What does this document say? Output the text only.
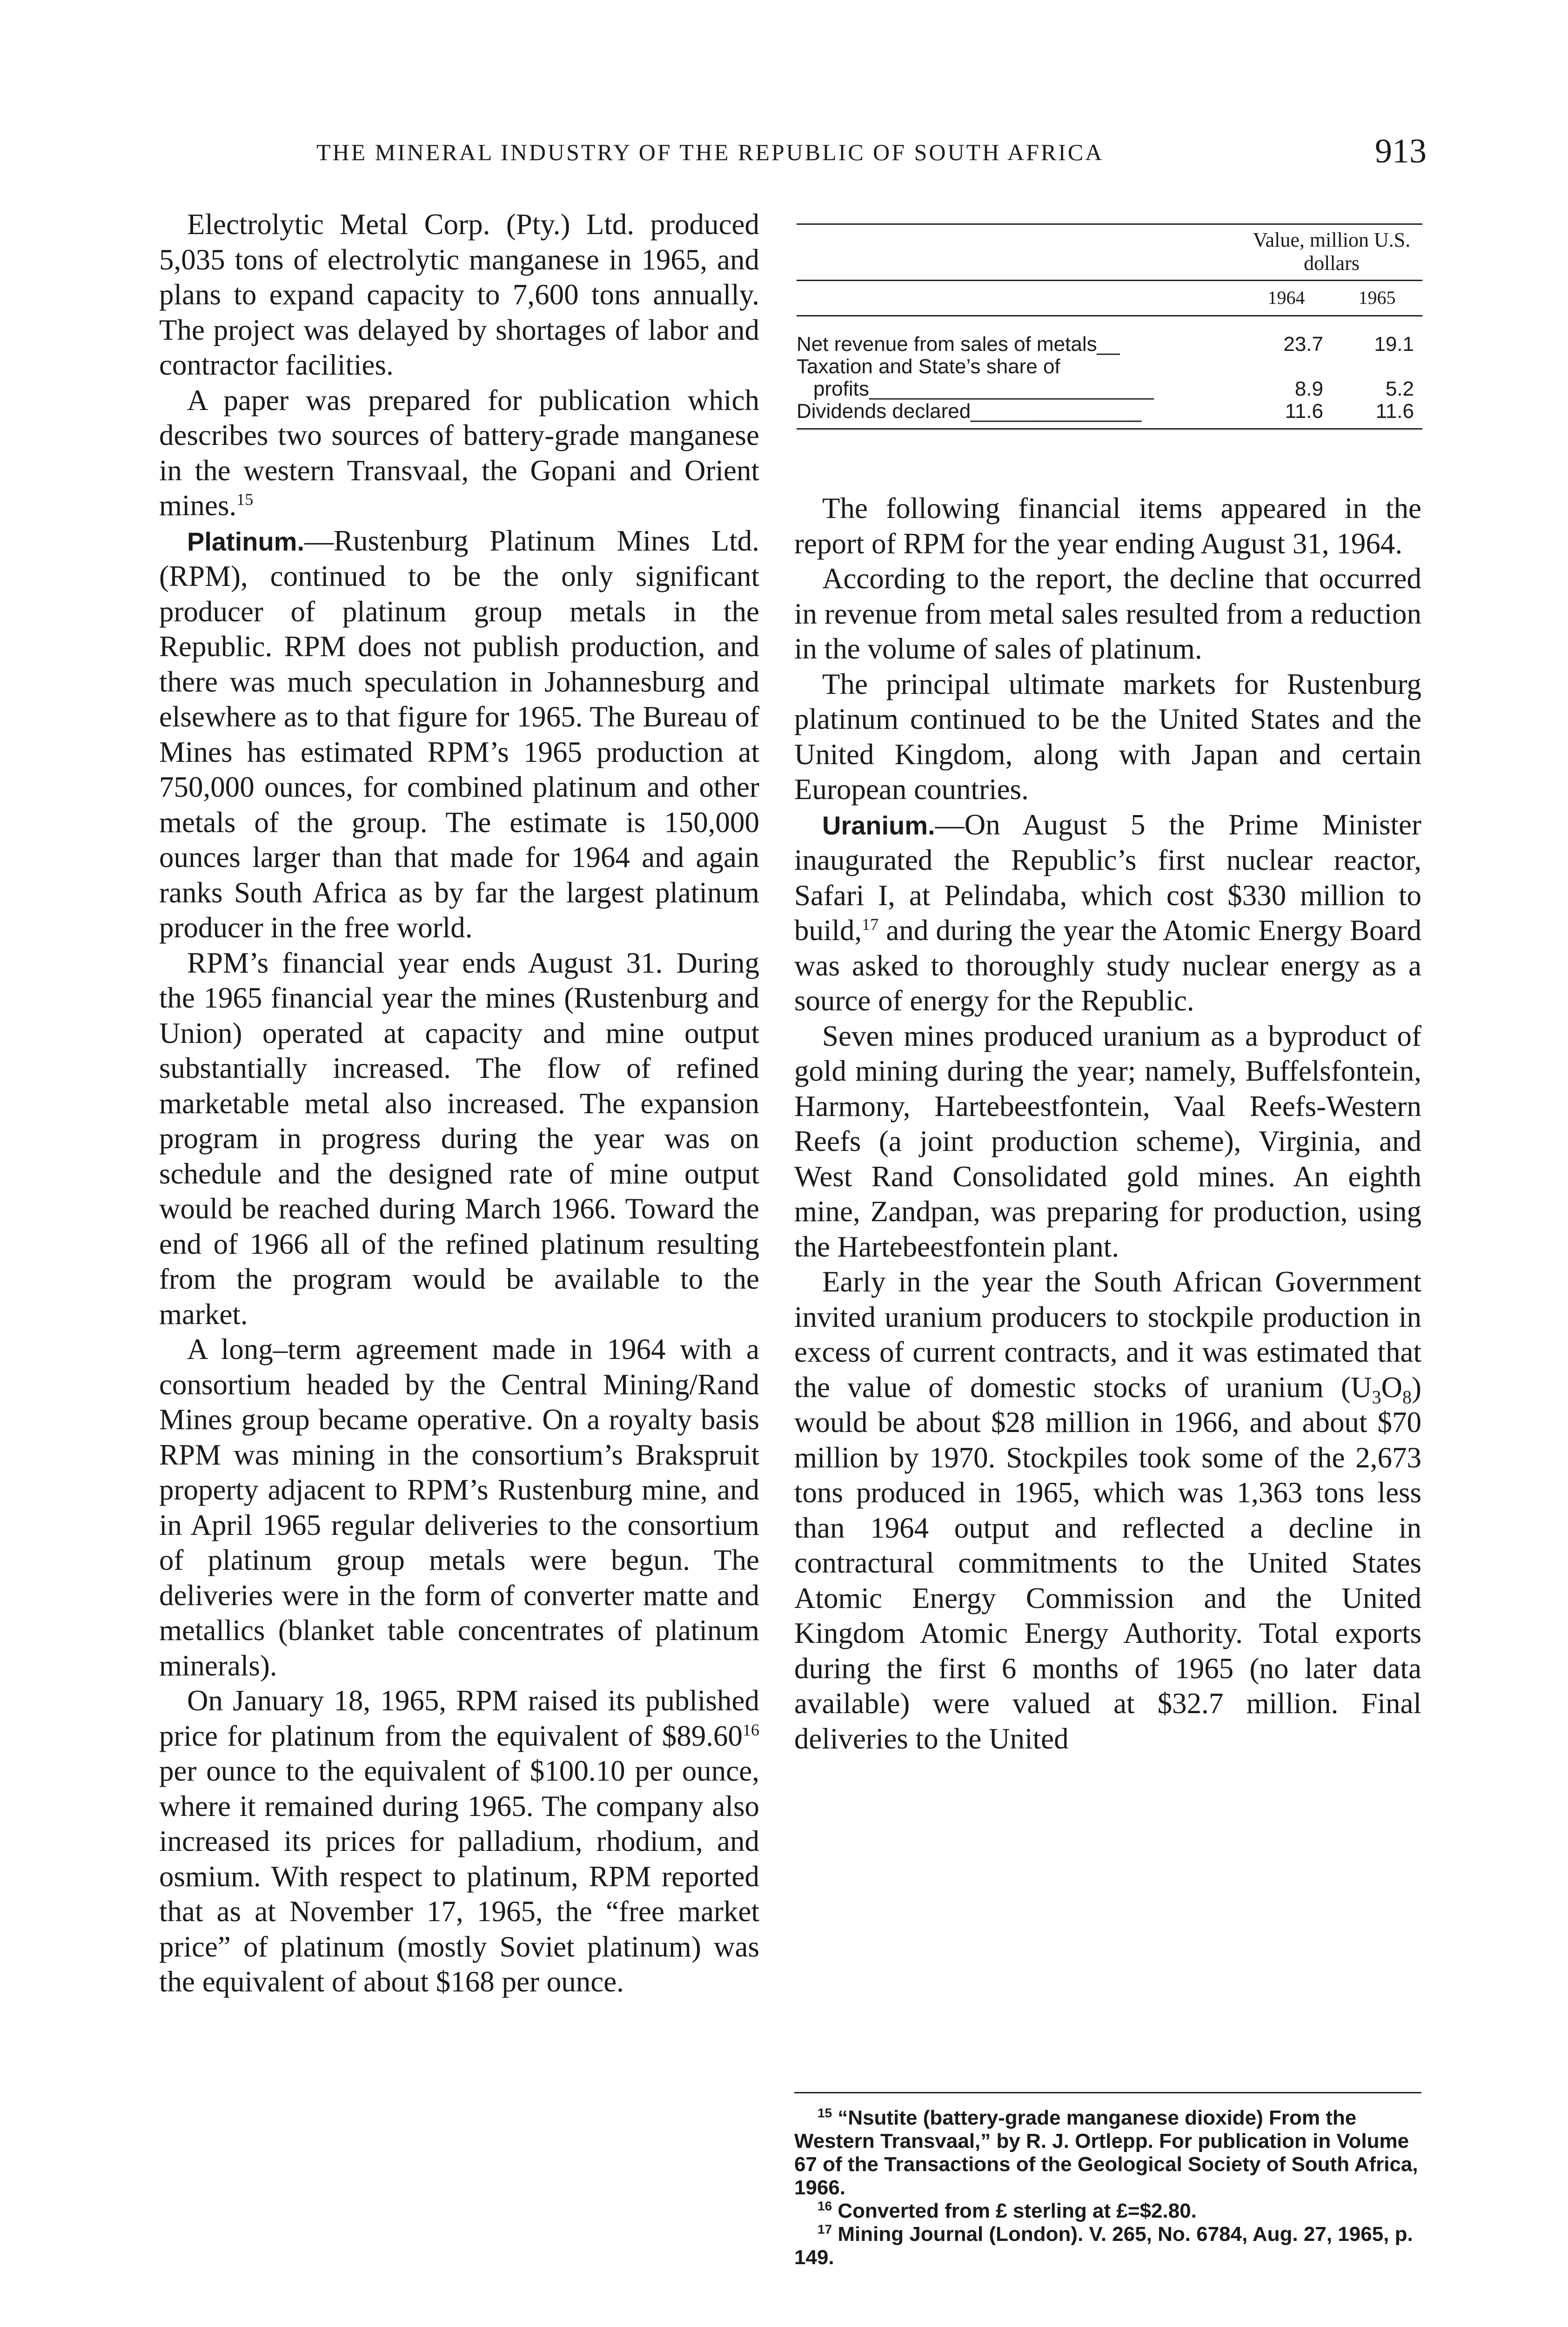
THE MINERAL INDUSTRY OF THE REPUBLIC OF SOUTH AFRICA	913

Electrolytic Metal Corp. (Pty.) Ltd. produced 5,035 tons of electrolytic manganese in 1965, and plans to expand capacity to 7,600 tons annually. The project was delayed by shortages of labor and contractor facilities.

A paper was prepared for publication which describes two sources of battery-grade manganese in the western Transvaal, the Gopani and Orient mines.$^{15}$

Platinum.—Rustenburg Platinum Mines Ltd. (RPM), continued to be the only significant producer of platinum group metals in the Republic. RPM does not publish production, and there was much speculation in Johannesburg and elsewhere as to that figure for 1965. The Bureau of Mines has estimated RPM’s 1965 production at 750,000 ounces, for combined platinum and other metals of the group. The estimate is 150,000 ounces larger than that made for 1964 and again ranks South Africa as by far the largest platinum producer in the free world.

RPM’s financial year ends August 31. During the 1965 financial year the mines (Rustenburg and Union) operated at capacity and mine output substantially increased. The flow of refined marketable metal also increased. The expansion program in progress during the year was on schedule and the designed rate of mine output would be reached during March 1966. Toward the end of 1966 all of the refined platinum resulting from the program would be available to the market.

A long–term agreement made in 1964 with a consortium headed by the Central Mining/Rand Mines group became operative. On a royalty basis RPM was mining in the consortium’s Brakspruit property adjacent to RPM’s Rustenburg mine, and in April 1965 regular deliveries to the consortium of platinum group metals were begun. The deliveries were in the form of converter matte and metallics (blanket table concentrates of platinum minerals).

On January 18, 1965, RPM raised its published price for platinum from the equivalent of $89.60$^{16}$ per ounce to the equivalent of $100.10 per ounce, where it remained during 1965. The company also increased its prices for palladium, rhodium, and osmium. With respect to platinum, RPM reported that as at November 17, 1965, the “free market price” of platinum (mostly Soviet platinum) was the equivalent of about $168 per ounce.

Value, million U.S. dollars
1964	1965
Net revenue from sales of metals__	23.7	19.1
Taxation and State’s share of
profits_________________________	8.9	5.2
Dividends declared_______________	11.6	11.6

The following financial items appeared in the report of RPM for the year ending August 31, 1964.

According to the report, the decline that occurred in revenue from metal sales resulted from a reduction in the volume of sales of platinum.

The principal ultimate markets for Rustenburg platinum continued to be the United States and the United Kingdom, along with Japan and certain European countries.

Uranium.—On August 5 the Prime Minister inaugurated the Republic’s first nuclear reactor, Safari I, at Pelindaba, which cost $330 million to build,$^{17}$ and during the year the Atomic Energy Board was asked to thoroughly study nuclear energy as a source of energy for the Republic.

Seven mines produced uranium as a byproduct of gold mining during the year; namely, Buffelsfontein, Harmony, Hartebeestfontein, Vaal Reefs-Western Reefs (a joint production scheme), Virginia, and West Rand Consolidated gold mines. An eighth mine, Zandpan, was preparing for production, using the Hartebeestfontein plant.

Early in the year the South African Government invited uranium producers to stockpile production in excess of current contracts, and it was estimated that the value of domestic stocks of uranium $(U_3O_8)$ would be about $28 million in 1966, and about $70 million by 1970. Stockpiles took some of the 2,673 tons produced in 1965, which was 1,363 tons less than 1964 output and reflected a decline in contractural commitments to the United States Atomic Energy Commission and the United Kingdom Atomic Energy Authority. Total exports during the first 6 months of 1965 (no later data available) were valued at $32.7 million. Final deliveries to the United

$^{15}$ “Nsutite (battery-grade manganese dioxide) From the Western Transvaal,” by R. J. Ortlepp. For publication in Volume 67 of the Transactions of the Geological Society of South Africa, 1966.

$^{16}$ Converted from £ sterling at £=$2.80.

$^{17}$ Mining Journal (London). V. 265, No. 6784, Aug. 27, 1965, p. 149.
